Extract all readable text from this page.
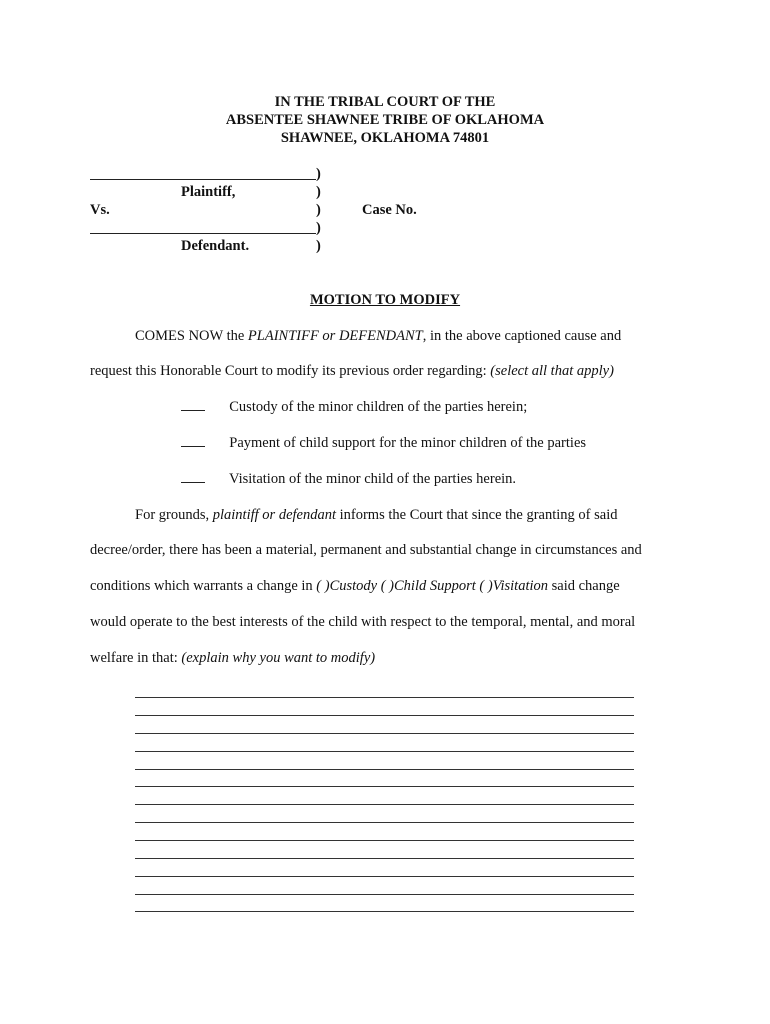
IN THE TRIBAL COURT OF THE
ABSENTEE SHAWNEE TRIBE OF OKLAHOMA
SHAWNEE, OKLAHOMA 74801
)
Plaintiff,	)
Vs.	)	Case No.
)
Defendant.	)
MOTION TO MODIFY
COMES NOW the PLAINTIFF or DEFENDANT, in the above captioned cause and
request this Honorable Court to modify its previous order regarding: (select all that apply)
Custody of the minor children of the parties herein;
Payment of child support for the minor children of the parties
Visitation of the minor child of the parties herein.
For grounds, plaintiff or defendant informs the Court that since the granting of said
decree/order, there has been a material, permanent and substantial change in circumstances and
conditions which warrants a change in ( )Custody ( )Child Support ( )Visitation said change
would operate to the best interests of the child with respect to the temporal, mental, and moral
welfare in that: (explain why you want to modify)
